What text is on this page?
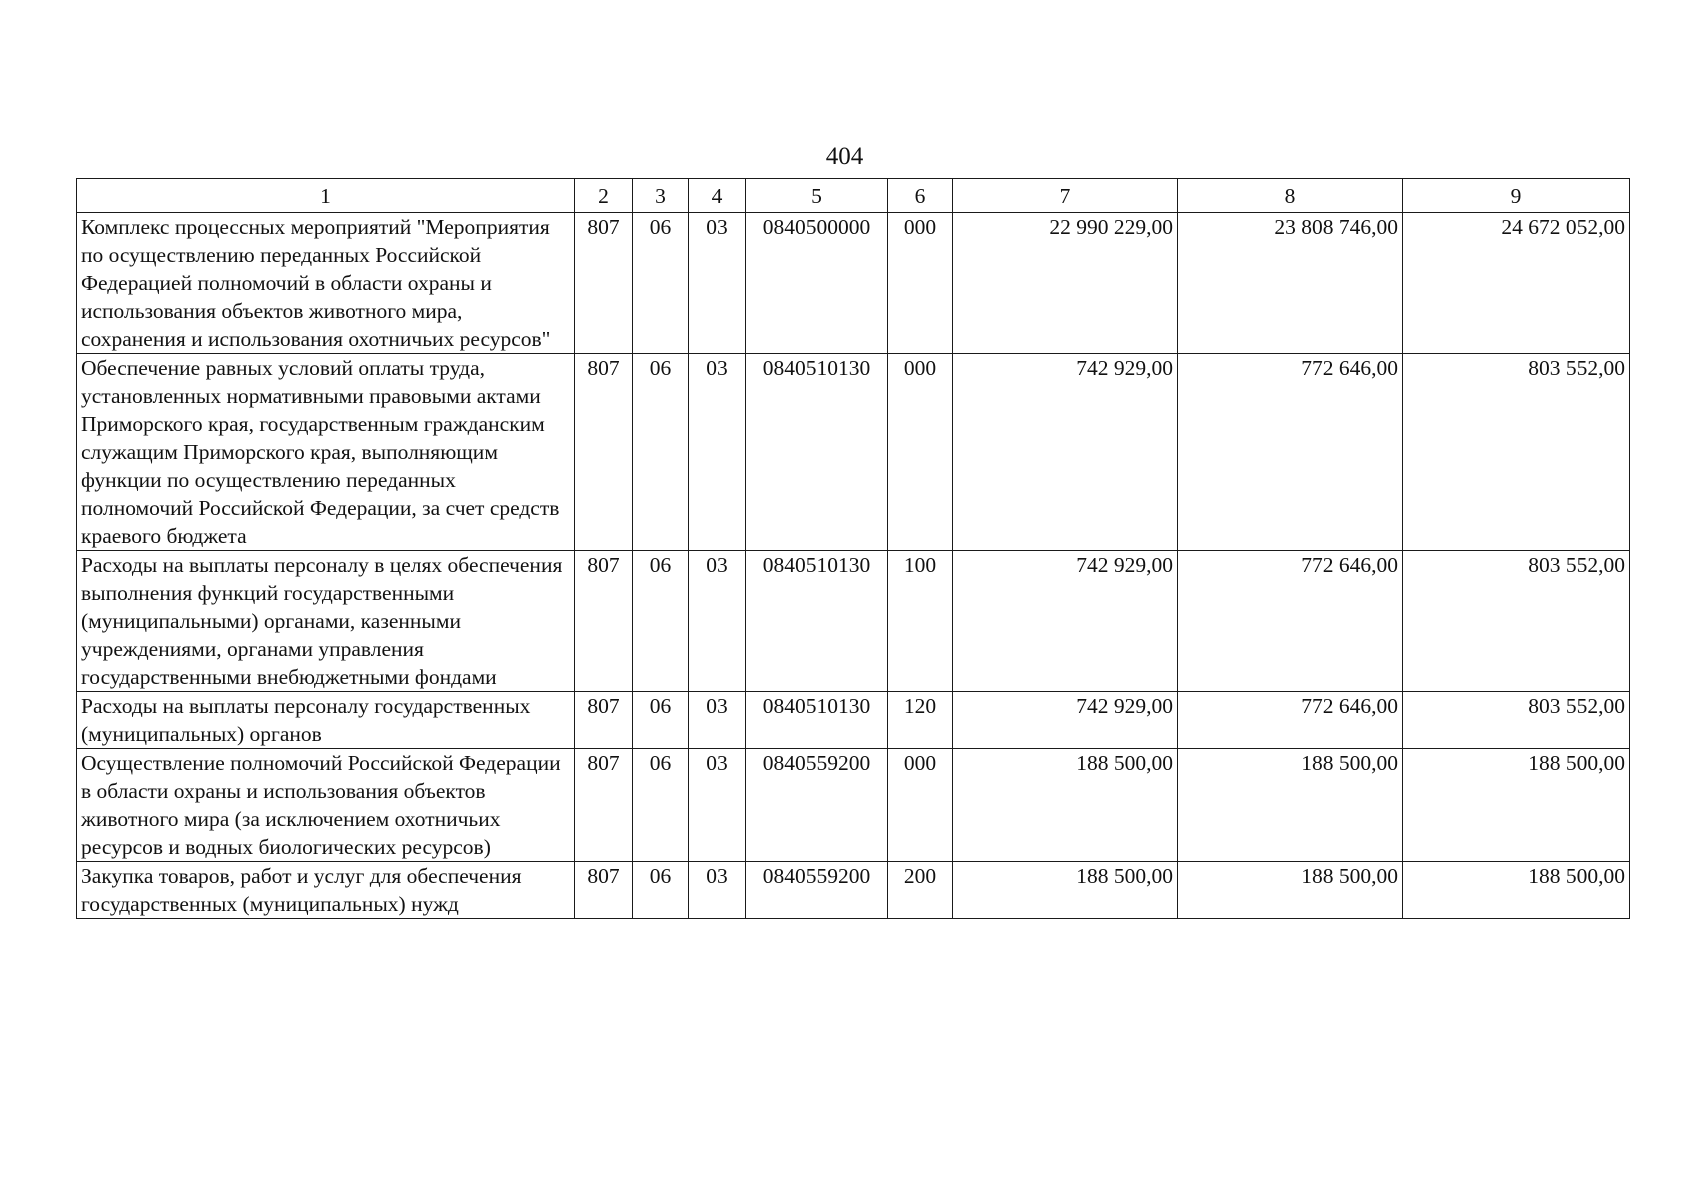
404
1	2	3	4	5	6	7	8	9
Комплекс процессных мероприятий "Мероприятия по осуществлению переданных Российской Федерацией полномочий в области охраны и использования объектов животного мира, сохранения и использования охотничьих ресурсов"	807	06	03	0840500000	000	22 990 229,00	23 808 746,00	24 672 052,00
Обеспечение равных условий оплаты труда, установленных нормативными правовыми актами Приморского края, государственным гражданским служащим Приморского края, выполняющим функции по осуществлению переданных полномочий Российской Федерации, за счет средств краевого бюджета	807	06	03	0840510130	000	742 929,00	772 646,00	803 552,00
Расходы на выплаты персоналу в целях обеспечения выполнения функций государственными (муниципальными) органами, казенными учреждениями, органами управления государственными внебюджетными фондами	807	06	03	0840510130	100	742 929,00	772 646,00	803 552,00
Расходы на выплаты персоналу государственных (муниципальных) органов	807	06	03	0840510130	120	742 929,00	772 646,00	803 552,00
Осуществление полномочий Российской Федерации в области охраны и использования объектов животного мира (за исключением охотничьих ресурсов и водных биологических ресурсов)	807	06	03	0840559200	000	188 500,00	188 500,00	188 500,00
Закупка товаров, работ и услуг для обеспечения государственных (муниципальных) нужд	807	06	03	0840559200	200	188 500,00	188 500,00	188 500,00
